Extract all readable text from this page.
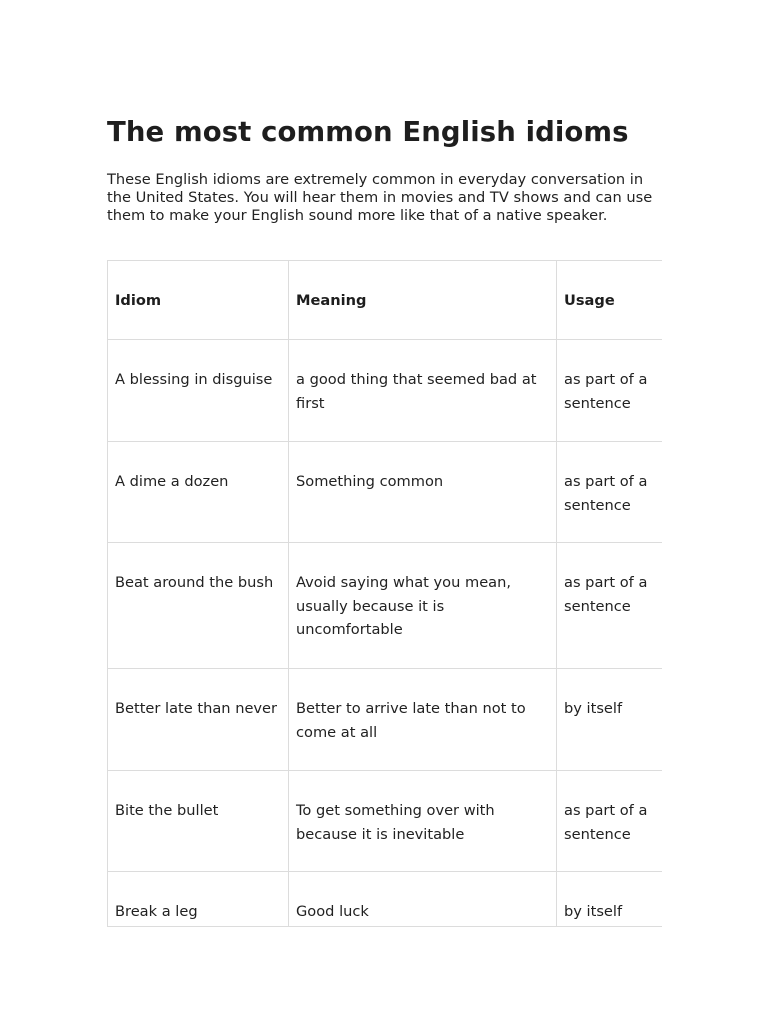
The most common English idioms

These English idioms are extremely common in everyday conversation in the United States. You will hear them in movies and TV shows and can use them to make your English sound more like that of a native speaker.

Idiom	Meaning	Usage
A blessing in disguise	a good thing that seemed bad at first	as part of a sentence
A dime a dozen	Something common	as part of a sentence
Beat around the bush	Avoid saying what you mean, usually because it is uncomfortable	as part of a sentence
Better late than never	Better to arrive late than not to come at all	by itself
Bite the bullet	To get something over with because it is inevitable	as part of a sentence
Break a leg	Good luck	by itself
